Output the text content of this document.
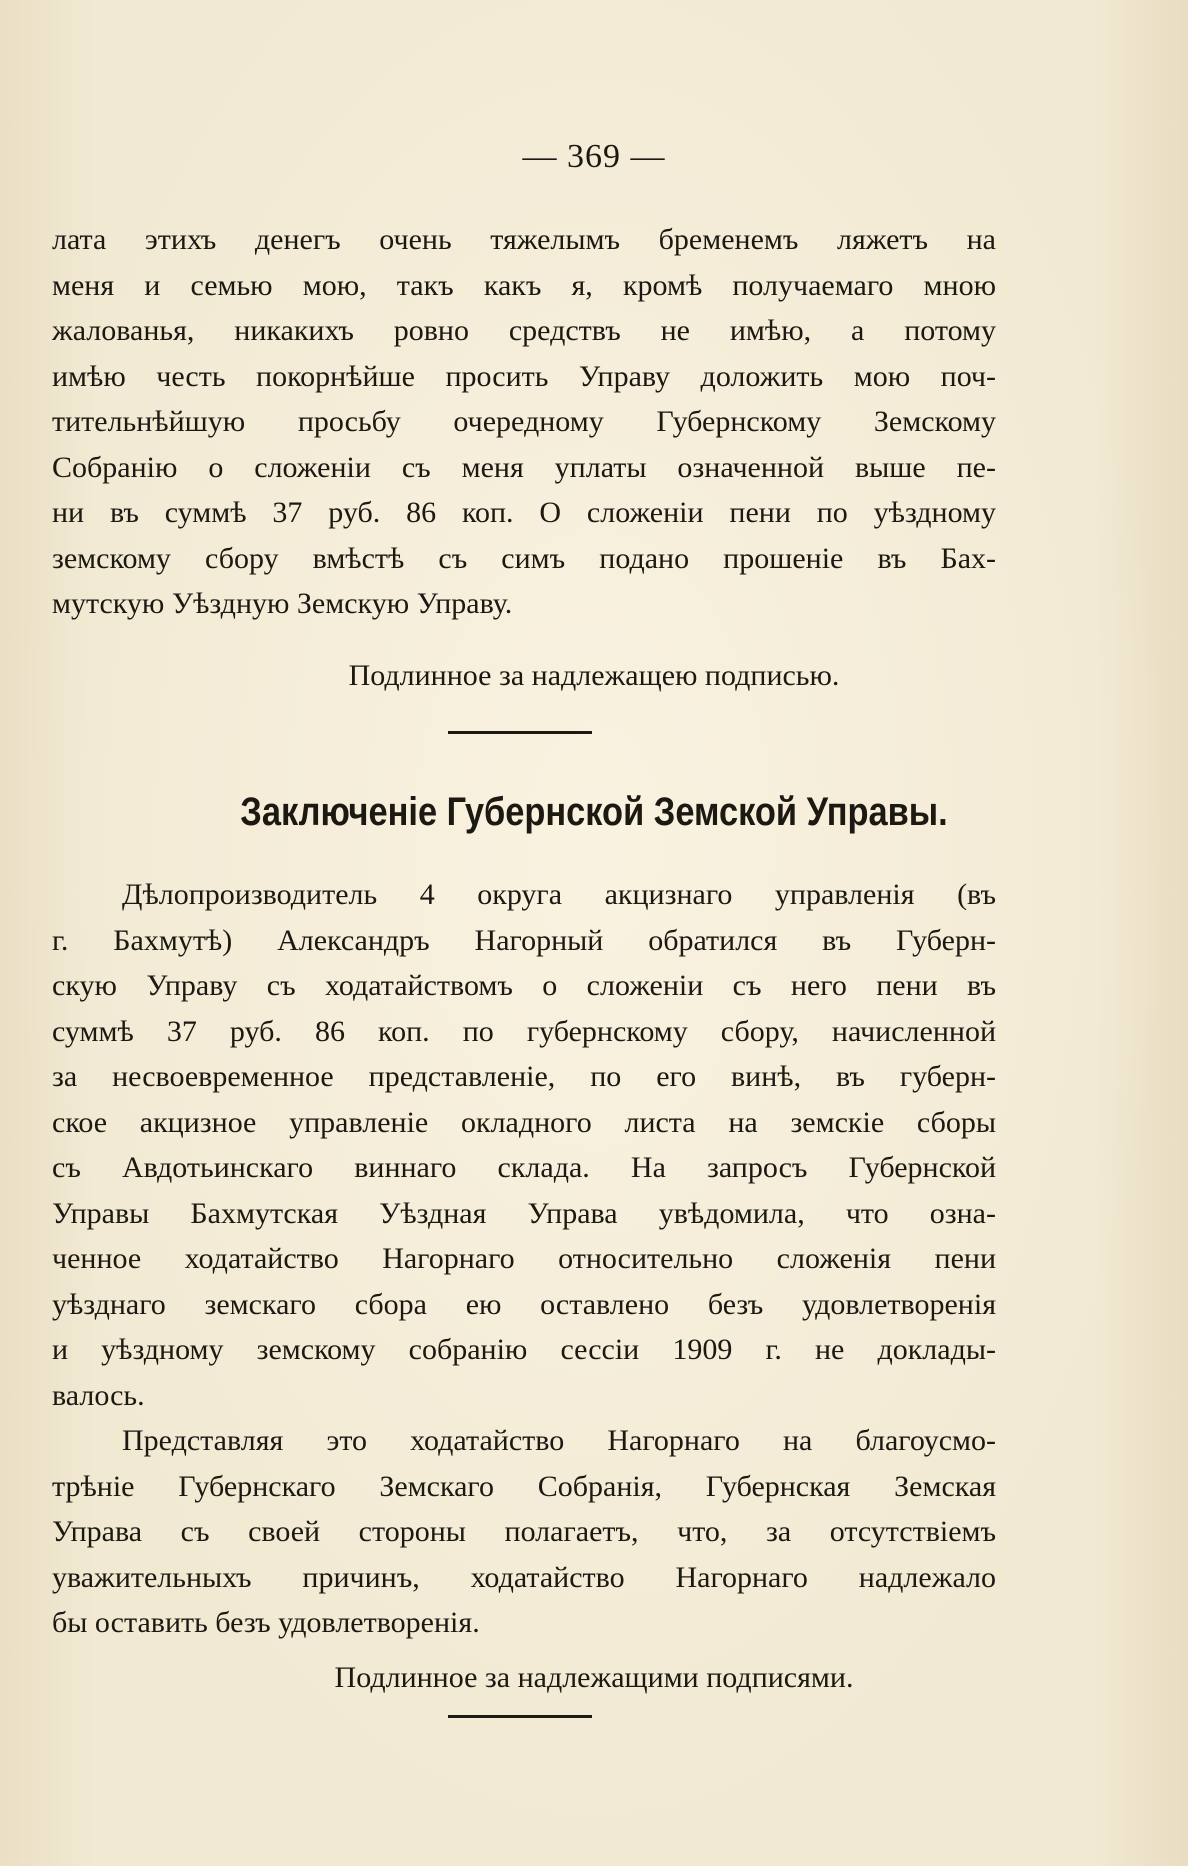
— 369 —
лата этихъ денегъ очень тяжелымъ бременемъ ляжетъ на
меня и семью мою, такъ какъ я, кромѣ получаемаго мною
жалованья, никакихъ ровно средствъ не имѣю, а потому
имѣю честь покорнѣйше просить Управу доложить мою поч-
тительнѣйшую просьбу очередному Губернскому Земскому
Собранію о сложеніи съ меня уплаты означенной выше пе-
ни въ суммѣ 37 руб. 86 коп. О сложеніи пени по уѣздному
земскому сбору вмѣстѣ съ симъ подано прошеніе въ Бах-
мутскую Уѣздную Земскую Управу.
Подлинное за надлежащею подписью.
Заключеніе Губернской Земской Управы.
Дѣлопроизводитель 4 округа акцизнаго управленія (въ
г. Бахмутѣ) Александръ Нагорный обратился въ Губерн-
скую Управу съ ходатайствомъ о сложеніи съ него пени въ
суммѣ 37 руб. 86 коп. по губернскому сбору, начисленной
за несвоевременное представленіе, по его винѣ, въ губерн-
ское акцизное управленіе окладного листа на земскіе сборы
съ Авдотьинскаго виннаго склада. На запросъ Губернской
Управы Бахмутская Уѣздная Управа увѣдомила, что озна-
ченное ходатайство Нагорнаго относительно сложенія пени
уѣзднаго земскаго сбора ею оставлено безъ удовлетворенія
и уѣздному земскому собранію сессіи 1909 г. не доклады-
валось.
Представляя это ходатайство Нагорнаго на благоусмо-
трѣніе Губернскаго Земскаго Собранія, Губернская Земская
Управа съ своей стороны полагаетъ, что, за отсутствіемъ
уважительныхъ причинъ, ходатайство Нагорнаго надлежало
бы оставить безъ удовлетворенія.
Подлинное за надлежащими подписями.
